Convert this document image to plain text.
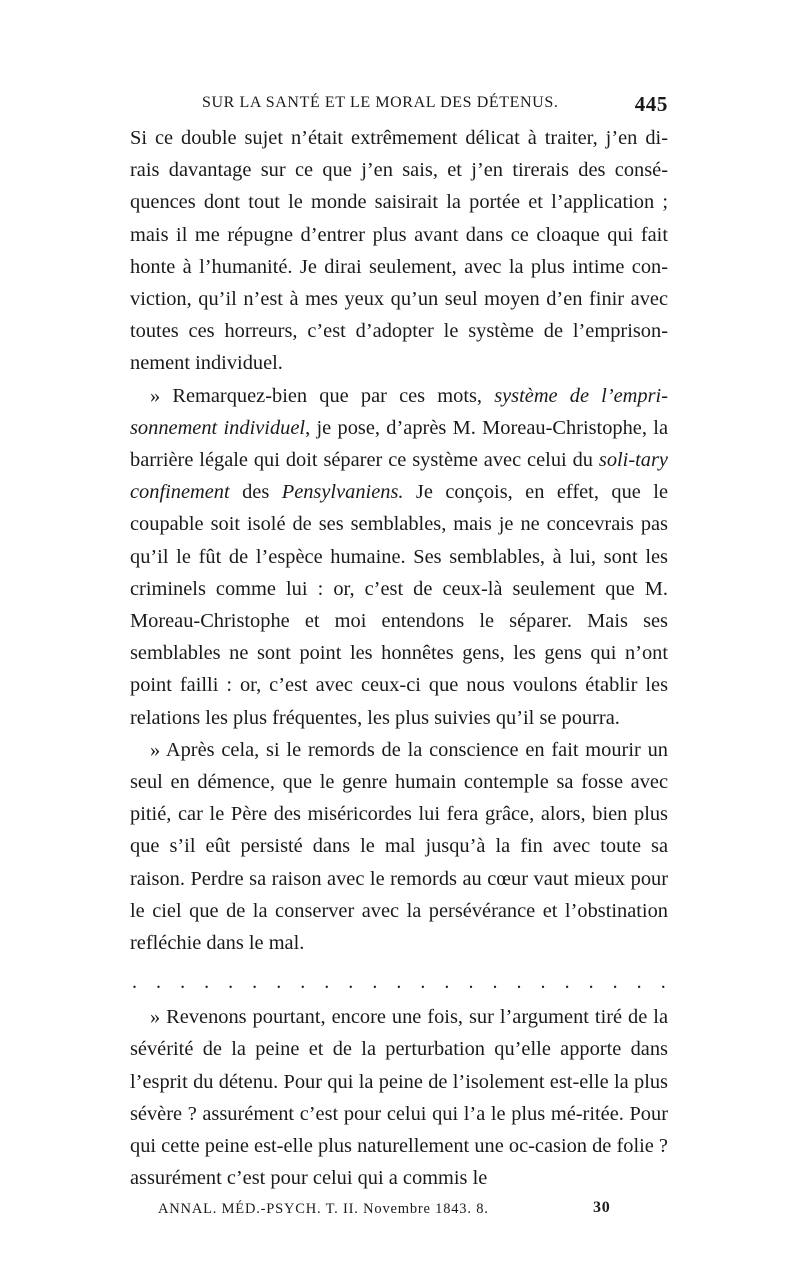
SUR LA SANTÉ ET LE MORAL DES DÉTENUS.	445

Si ce double sujet n’était extrêmement délicat à traiter, j’en di-rais davantage sur ce que j’en sais, et j’en tirerais des consé-quences dont tout le monde saisirait la portée et l’application ; mais il me répugne d’entrer plus avant dans ce cloaque qui fait honte à l’humanité. Je dirai seulement, avec la plus intime con-viction, qu’il n’est à mes yeux qu’un seul moyen d’en finir avec toutes ces horreurs, c’est d’adopter le système de l’emprison-nement individuel.

» Remarquez-bien que par ces mots, système de l’empri-sonnement individuel, je pose, d’après M. Moreau-Christophe, la barrière légale qui doit séparer ce système avec celui du soli-tary confinement des Pensylvaniens. Je conçois, en effet, que le coupable soit isolé de ses semblables, mais je ne concevrais pas qu’il le fût de l’espèce humaine. Ses semblables, à lui, sont les criminels comme lui : or, c’est de ceux-là seulement que M. Moreau-Christophe et moi entendons le séparer. Mais ses semblables ne sont point les honnêtes gens, les gens qui n’ont point failli : or, c’est avec ceux-ci que nous voulons établir les relations les plus fréquentes, les plus suivies qu’il se pourra.

» Après cela, si le remords de la conscience en fait mourir un seul en démence, que le genre humain contemple sa fosse avec pitié, car le Père des miséricordes lui fera grâce, alors, bien plus que s’il eût persisté dans le mal jusqu’à la fin avec toute sa raison. Perdre sa raison avec le remords au cœur vaut mieux pour le ciel que de la conserver avec la persévérance et l’obstination refléchie dans le mal.

. . . . . . . . . . . . . . . . . . . . . . .

» Revenons pourtant, encore une fois, sur l’argument tiré de la sévérité de la peine et de la perturbation qu’elle apporte dans l’esprit du détenu. Pour qui la peine de l’isolement est-elle la plus sévère ? assurément c’est pour celui qui l’a le plus mé-ritée. Pour qui cette peine est-elle plus naturellement une oc-casion de folie ? assurément c’est pour celui qui a commis le

ANNAL. MÉD.-PSYCH. T. II. Novembre 1843. 8.	30
